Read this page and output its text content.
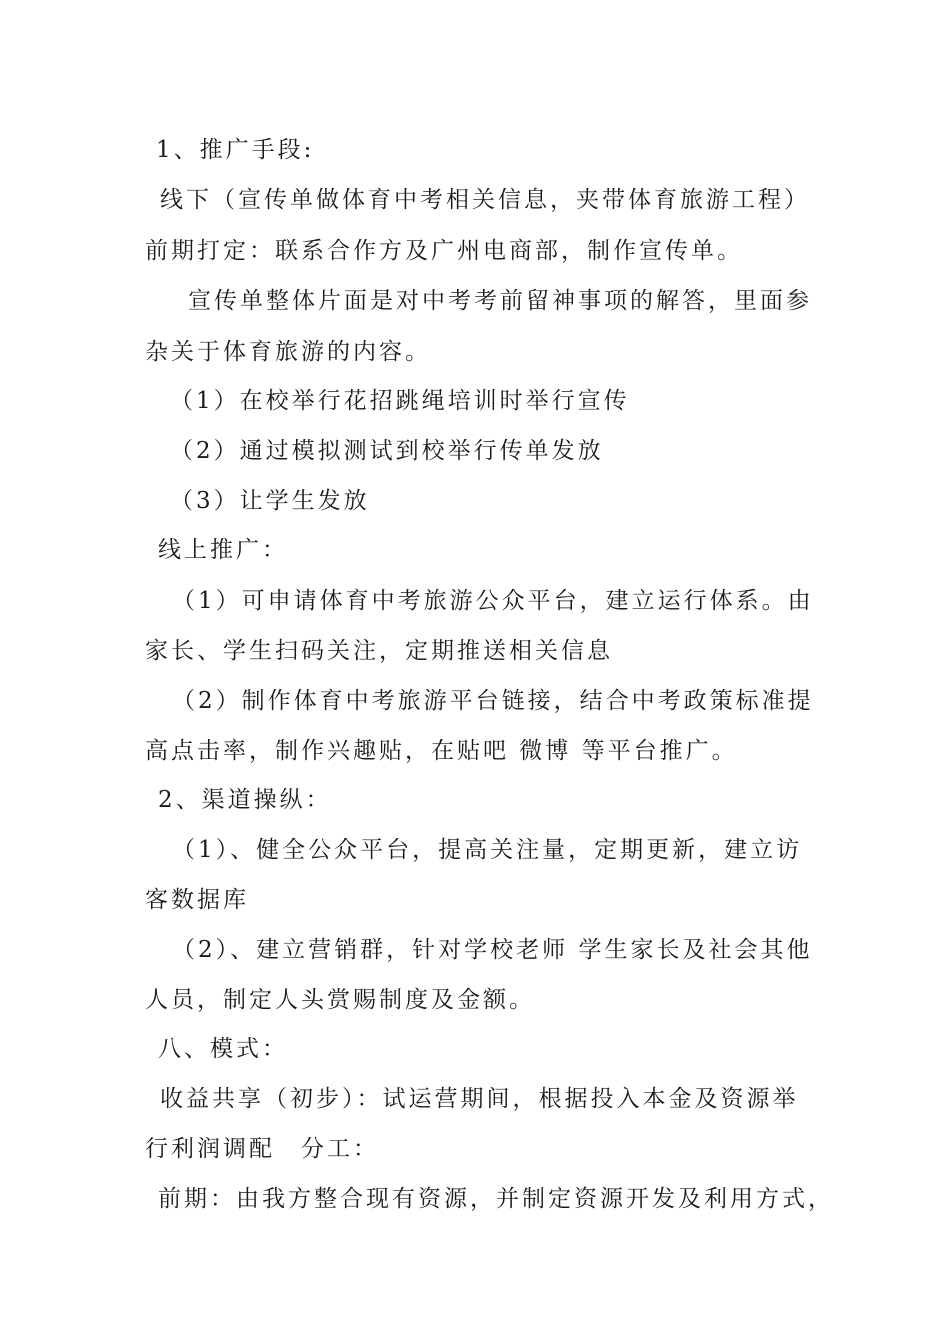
1、推广手段:
线下（宣传单做体育中考相关信息，夹带体育旅游工程）
前期打定：联系合作方及广州电商部，制作宣传单。
宣传单整体片面是对中考考前留神事项的解答，里面参
杂关于体育旅游的内容。
（1）在校举行花招跳绳培训时举行宣传
（2）通过模拟测试到校举行传单发放
（3）让学生发放
线上推广：
（1）可申请体育中考旅游公众平台，建立运行体系。由
家长、学生扫码关注，定期推送相关信息
（2）制作体育中考旅游平台链接，结合中考政策标准提
高点击率，制作兴趣贴，在贴吧 微博 等平台推广。
2、渠道操纵：
（1）、健全公众平台，提高关注量，定期更新，建立访
客数据库
（2）、建立营销群，针对学校老师 学生家长及社会其他
人员，制定人头赏赐制度及金额。
八、模式：
收益共享（初步）：试运营期间，根据投入本金及资源举
行利润调配　分工：
前期：由我方整合现有资源，并制定资源开发及利用方式，
